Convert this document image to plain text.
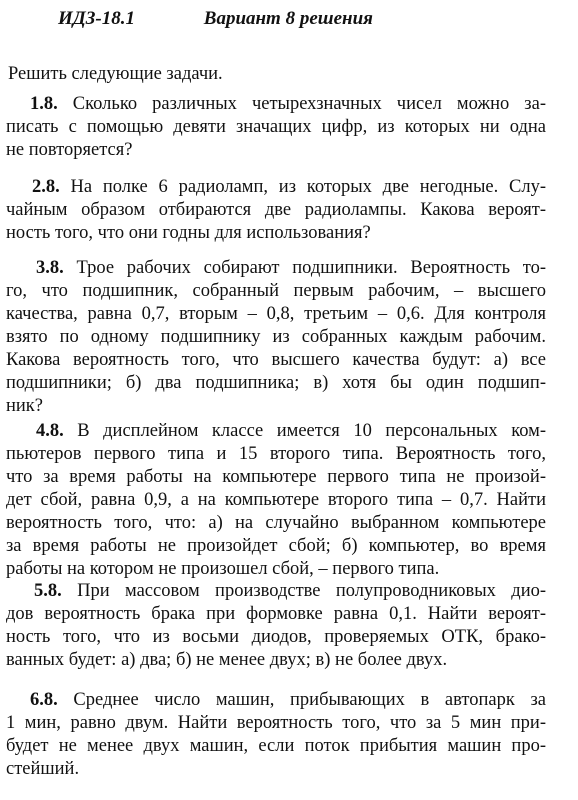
ИДЗ-18.1	Вариант 8 решения
Решить следующие задачи.
1.8. Сколько различных четырехзначных чисел можно за-
писать с помощью девяти значащих цифр, из которых ни одна
не повторяется?
2.8. На полке 6 радиоламп, из которых две негодные. Слу-
чайным образом отбираются две радиолампы. Какова вероят-
ность того, что они годны для использования?
3.8. Трое рабочих собирают подшипники. Вероятность то-
го, что подшипник, собранный первым рабочим, – высшего
качества, равна 0,7, вторым – 0,8, третьим – 0,6. Для контроля
взято по одному подшипнику из собранных каждым рабочим.
Какова вероятность того, что высшего качества будут: а) все
подшипники; б) два подшипника; в) хотя бы один подшип-
ник?
4.8. В дисплейном классе имеется 10 персональных ком-
пьютеров первого типа и 15 второго типа. Вероятность того,
что за время работы на компьютере первого типа не произой-
дет сбой, равна 0,9, а на компьютере второго типа – 0,7. Найти
вероятность того, что: а) на случайно выбранном компьютере
за время работы не произойдет сбой; б) компьютер, во время
работы на котором не произошел сбой, – первого типа.
5.8. При массовом производстве полупроводниковых дио-
дов вероятность брака при формовке равна 0,1. Найти вероят-
ность того, что из восьми диодов, проверяемых ОТК, брако-
ванных будет: а) два; б) не менее двух; в) не более двух.
6.8. Среднее число машин, прибывающих в автопарк за
1 мин, равно двум. Найти вероятность того, что за 5 мин при-
будет не менее двух машин, если поток прибытия машин про-
стейший.
